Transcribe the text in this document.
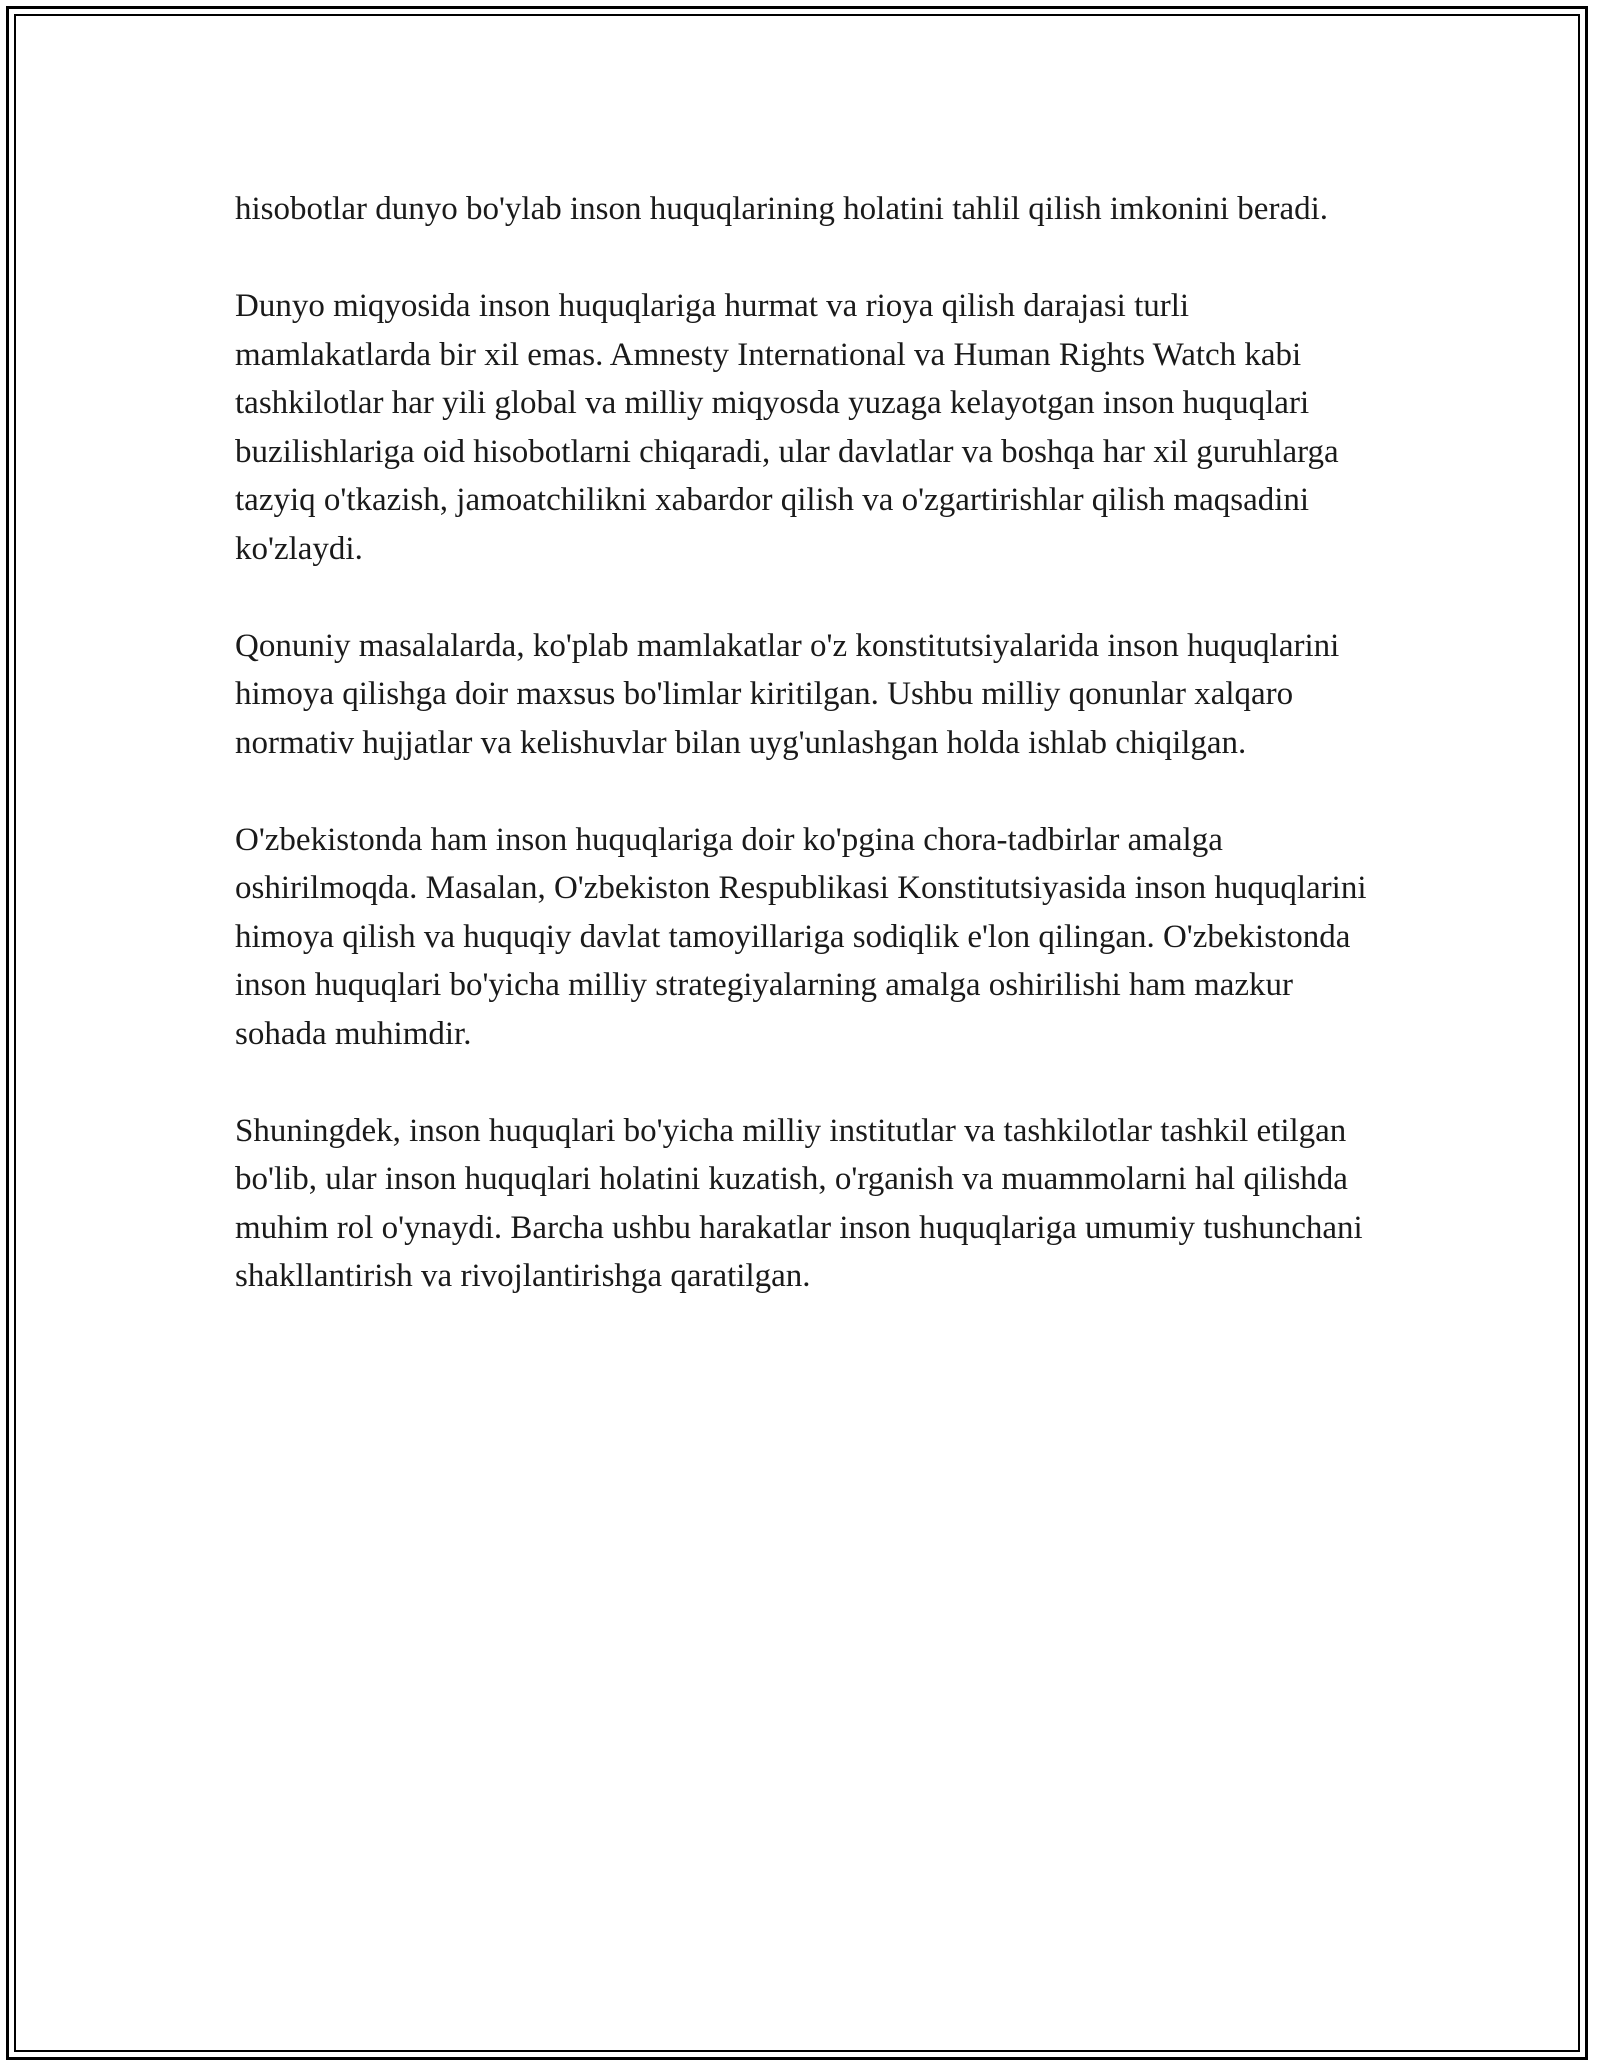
hisobotlar dunyo bo'ylab inson huquqlarining holatini tahlil qilish imkonini beradi.

Dunyo miqyosida inson huquqlariga hurmat va rioya qilish darajasi turli mamlakatlarda bir xil emas. Amnesty International va Human Rights Watch kabi tashkilotlar har yili global va milliy miqyosda yuzaga kelayotgan inson huquqlari buzilishlariga oid hisobotlarni chiqaradi, ular davlatlar va boshqa har xil guruhlarga tazyiq o'tkazish, jamoatchilikni xabardor qilish va o'zgartirishlar qilish maqsadini ko'zlaydi.

Qonuniy masalalarda, ko'plab mamlakatlar o'z konstitutsiyalarida inson huquqlarini himoya qilishga doir maxsus bo'limlar kiritilgan. Ushbu milliy qonunlar xalqaro normativ hujjatlar va kelishuvlar bilan uyg'unlashgan holda ishlab chiqilgan.

O'zbekistonda ham inson huquqlariga doir ko'pgina chora-tadbirlar amalga oshirilmoqda. Masalan, O'zbekiston Respublikasi Konstitutsiyasida inson huquqlarini himoya qilish va huquqiy davlat tamoyillariga sodiqlik e'lon qilingan. O'zbekistonda inson huquqlari bo'yicha milliy strategiyalarning amalga oshirilishi ham mazkur sohada muhimdir.

Shuningdek, inson huquqlari bo'yicha milliy institutlar va tashkilotlar tashkil etilgan bo'lib, ular inson huquqlari holatini kuzatish, o'rganish va muammolarni hal qilishda muhim rol o'ynaydi. Barcha ushbu harakatlar inson huquqlariga umumiy tushunchani shakllantirish va rivojlantirishga qaratilgan.
